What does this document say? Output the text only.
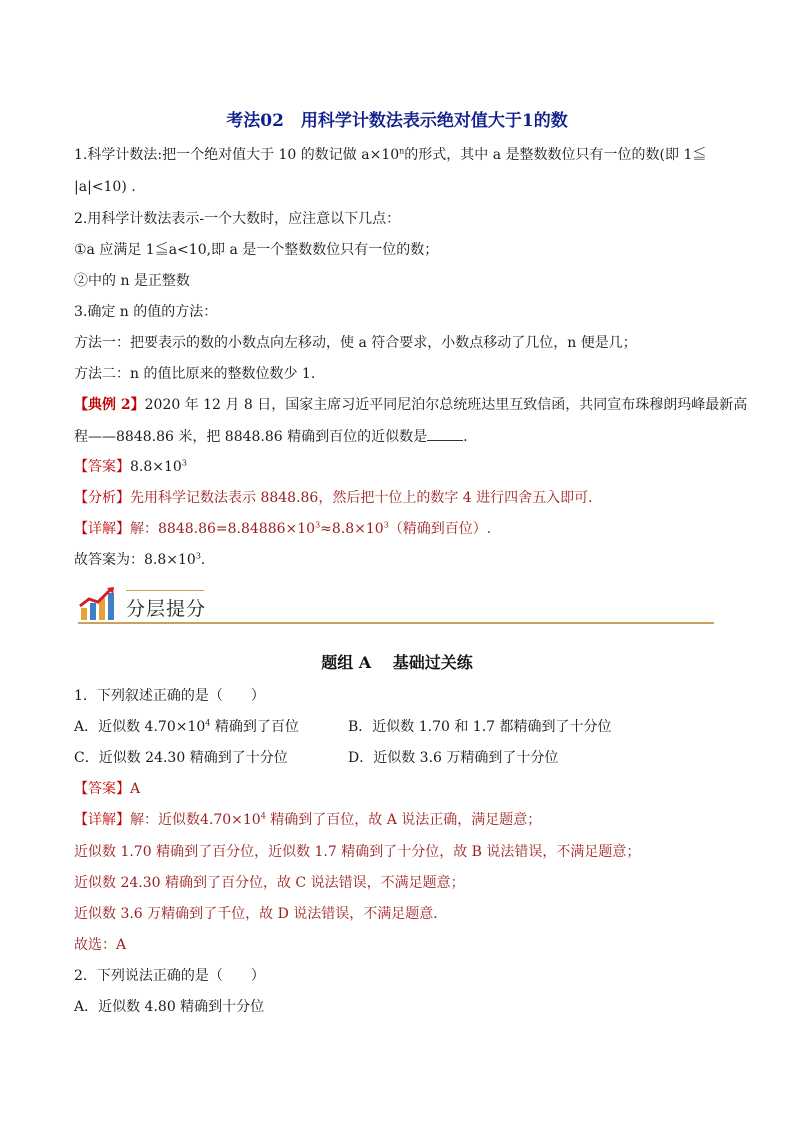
考法02　用科学计数法表示绝对值大于1的数
1.科学计数法:把一个绝对值大于 10 的数记做 $a\times 10^n$的形式，其中 a 是整数数位只有一位的数(即 1≦
|a|<10) .
2.用科学计数法表示-一个大数时，应注意以下几点：
①a 应满足 1≦a<10,即 a 是一个整数数位只有一位的数；
②中的 n 是正整数
3.确定 n 的值的方法：
方法一：把要表示的数的小数点向左移动，使 a 符合要求，小数点移动了几位，n 便是几；
方法二：n 的值比原来的整数位数少 1.
【典例 2】2020 年 12 月 8 日，国家主席习近平同尼泊尔总统班达里互致信函，共同宣布珠穆朗玛峰最新高
程——8848.86 米，把 8848.86 精确到百位的近似数是	.
【答案】$8.8\times 10^3$
【分析】先用科学记数法表示 8848.86，然后把十位上的数字 4 进行四舍五入即可．
【详解】解：$8848.86=8.84886\times 10^3\approx 8.8\times 10^3$（精确到百位）.
故答案为：$8.8\times 10^3$．
分层提分
题组 A　 基础过关练
1．下列叙述正确的是（　　）
A．近似数 $4.70\times 10^4$ 精确到了百位	B．近似数 1.70 和 1.7 都精确到了十分位
C．近似数 24.30 精确到了十分位	D．近似数 3.6 万精确到了十分位
【答案】A
【详解】解：近似数$4.70\times 10^4$ 精确到了百位，故 A 说法正确，满足题意；
近似数 1.70 精确到了百分位，近似数 1.7 精确到了十分位，故 B 说法错误，不满足题意；
近似数 24.30 精确到了百分位，故 C 说法错误，不满足题意；
近似数 3.6 万精确到了千位，故 D 说法错误，不满足题意．
故选：A
2．下列说法正确的是（　　）
A．近似数 4.80 精确到十分位
